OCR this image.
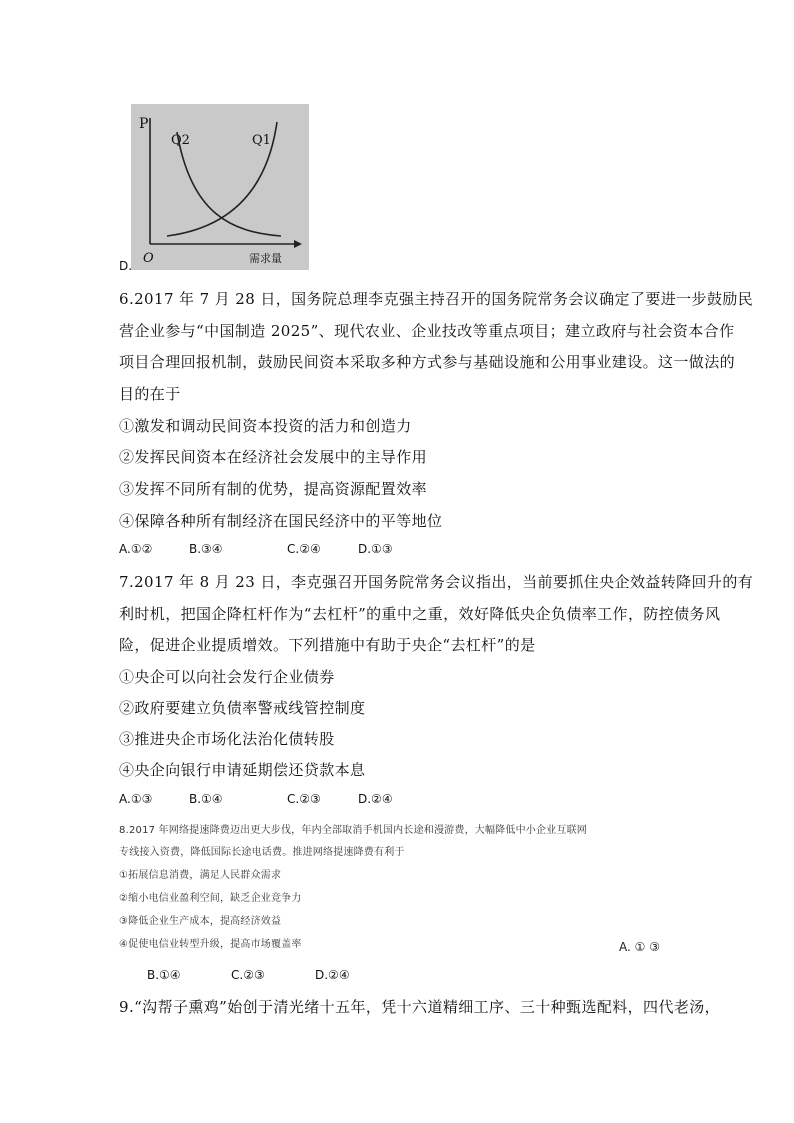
P
Q2	Q1
O	需求量
D.
6.2017 年 7 月 28 日，国务院总理李克强主持召开的国务院常务会议确定了要进一步鼓励民
营企业参与“中国制造 2025”、现代农业、企业技改等重点项目；建立政府与社会资本合作
项目合理回报机制，鼓励民间资本采取多种方式参与基础设施和公用事业建设。这一做法的
目的在于
①激发和调动民间资本投资的活力和创造力
②发挥民间资本在经济社会发展中的主导作用
③发挥不同所有制的优势，提高资源配置效率
④保障各种所有制经济在国民经济中的平等地位
A.①②	B.③④	C.②④	D.①③
7.2017 年 8 月 23 日，李克强召开国务院常务会议指出，当前要抓住央企效益转降回升的有
利时机，把国企降杠杆作为“去杠杆”的重中之重，效好降低央企负债率工作，防控债务风
险，促进企业提质增效。下列措施中有助于央企“去杠杆”的是
①央企可以向社会发行企业债券
②政府要建立负债率警戒线管控制度
③推进央企市场化法治化债转股
④央企向银行申请延期偿还贷款本息
A.①③	B.①④	C.②③	D.②④
8.2017 年网络提速降费迈出更大步伐，年内全部取消手机国内长途和漫游费，大幅降低中小企业互联网
专线接入资费，降低国际长途电话费。推进网络提速降费有利于
①拓展信息消费，满足人民群众需求
②缩小电信业盈利空间，缺乏企业竞争力
③降低企业生产成本，提高经济效益
④促使电信业转型升级，提高市场覆盖率	A. ① ③
B.①④	C.②③	D.②④
9.“沟帮子熏鸡”始创于清光绪十五年，凭十六道精细工序、三十种甄选配料，四代老汤，
